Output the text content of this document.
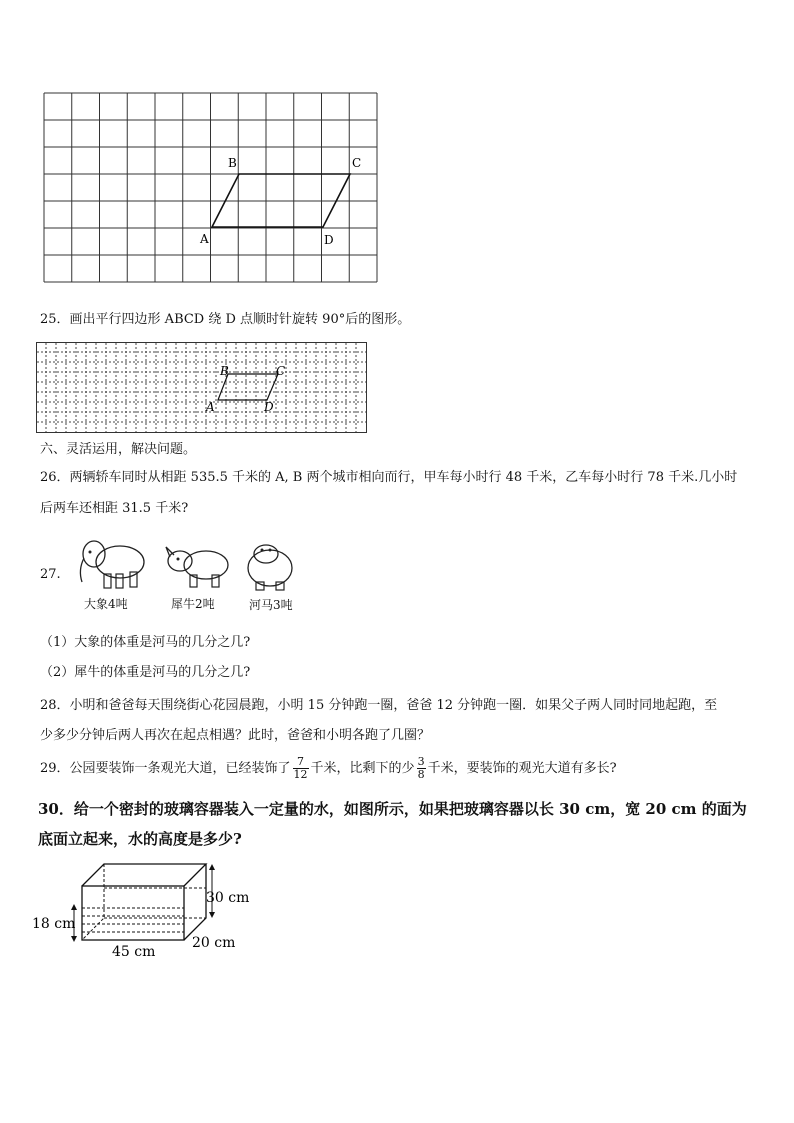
A
B	C
D
25．画出平行四边形 ABCD 绕 D 点顺时针旋转 90°后的图形。
A
B	C
D
六、灵活运用，解决问题。
26．两辆轿车同时从相距 535.5 千米的 A, B 两个城市相向而行，甲车每小时行 48 千米，乙车每小时行 78 千米.几小时
后两车还相距 31.5 千米?
27.
大象4吨	犀牛2吨	河马3吨
（1）大象的体重是河马的几分之几?
（2）犀牛的体重是河马的几分之几?
28．小明和爸爸每天围绕街心花园晨跑，小明 15 分钟跑一圈，爸爸 12 分钟跑一圈．如果父子两人同时同地起跑，至
少多少分钟后两人再次在起点相遇？此时，爸爸和小明各跑了几圈？
29．公园要装饰一条观光大道，已经装饰了 $\frac{7}{12}$ 千米，比剩下的少 $\frac{3}{8}$ 千米，要装饰的观光大道有多长?
30．给一个密封的玻璃容器装入一定量的水，如图所示，如果把玻璃容器以长 30 cm，宽 20 cm 的面为
底面立起来，水的高度是多少?
30 cm
18 cm
20 cm
45 cm
